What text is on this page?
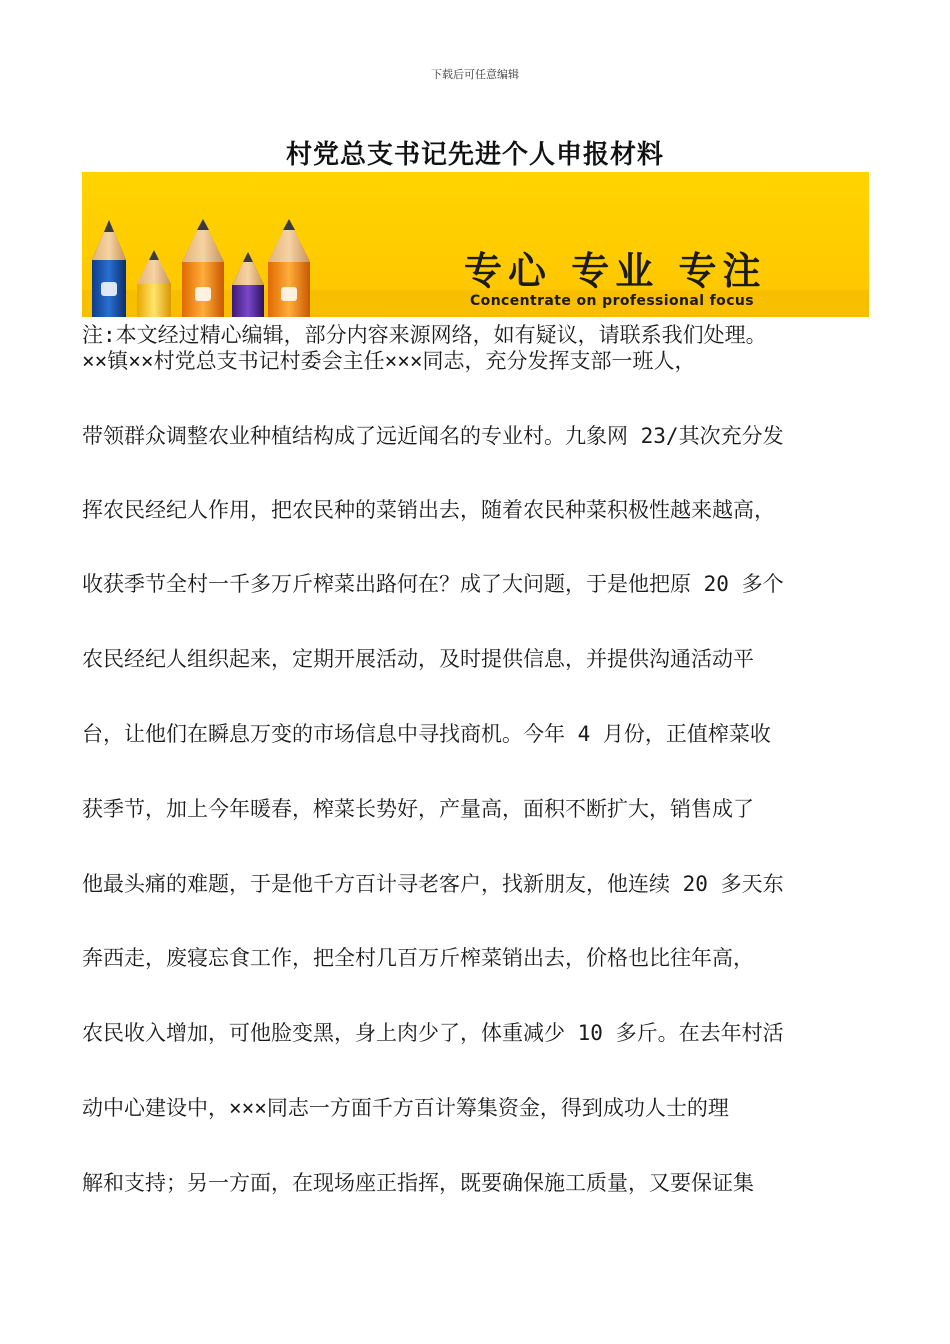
下载后可任意编辑
村党总支书记先进个人申报材料
专心 专业 专注
Concentrate on professional focus
注:本文经过精心编辑，部分内容来源网络，如有疑议，请联系我们处理。
××镇××村党总支书记村委会主任×××同志，充分发挥支部一班人，
带领群众调整农业种植结构成了远近闻名的专业村。九象网 23/其次充分发
挥农民经纪人作用，把农民种的菜销出去，随着农民种菜积极性越来越高，
收获季节全村一千多万斤榨菜出路何在？成了大问题，于是他把原 20 多个
农民经纪人组织起来，定期开展活动，及时提供信息，并提供沟通活动平
台，让他们在瞬息万变的市场信息中寻找商机。今年 4 月份，正值榨菜收
获季节，加上今年暖春，榨菜长势好，产量高，面积不断扩大，销售成了
他最头痛的难题，于是他千方百计寻老客户，找新朋友，他连续 20 多天东
奔西走，废寝忘食工作，把全村几百万斤榨菜销出去，价格也比往年高，
农民收入增加，可他脸变黑，身上肉少了，体重减少 10 多斤。在去年村活
动中心建设中，×××同志一方面千方百计筹集资金，得到成功人士的理
解和支持；另一方面，在现场座正指挥，既要确保施工质量，又要保证集
